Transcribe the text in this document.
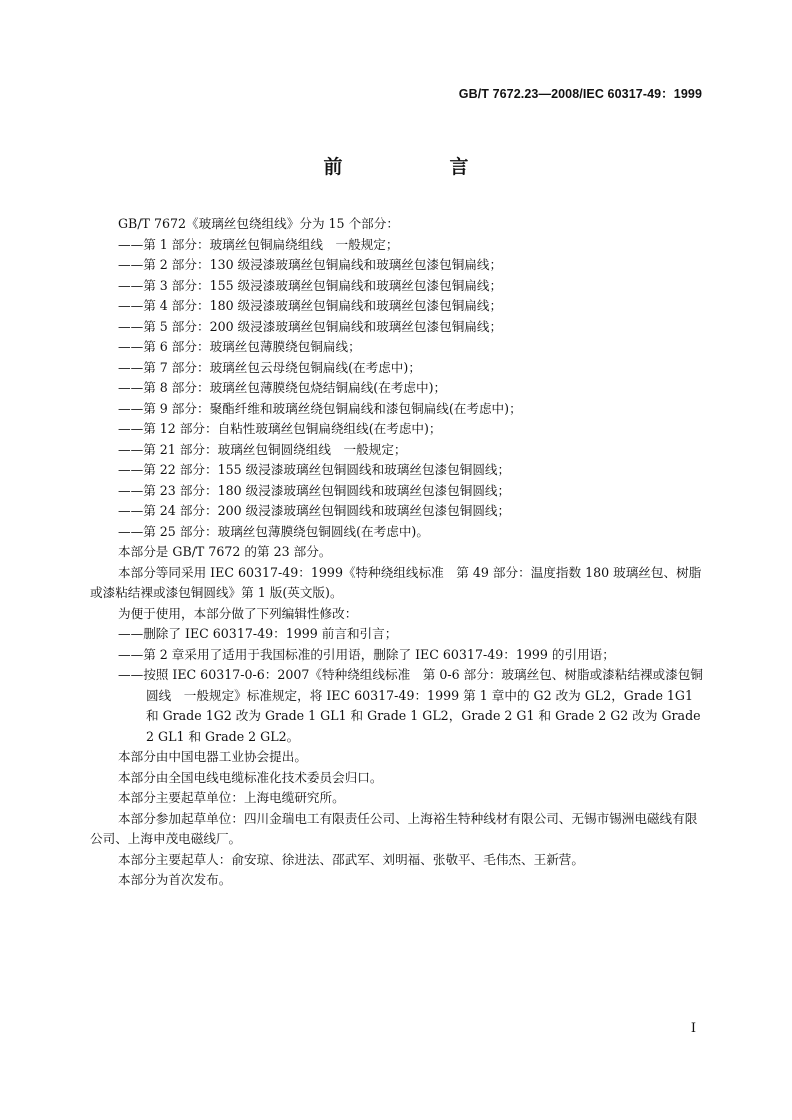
GB/T 7672.23—2008/IEC 60317-49：1999
前　言

GB/T 7672《玻璃丝包绕组线》分为 15 个部分：

——第 1 部分：玻璃丝包铜扁绕组线　一般规定；

——第 2 部分：130 级浸漆玻璃丝包铜扁线和玻璃丝包漆包铜扁线；

——第 3 部分：155 级浸漆玻璃丝包铜扁线和玻璃丝包漆包铜扁线；

——第 4 部分：180 级浸漆玻璃丝包铜扁线和玻璃丝包漆包铜扁线；

——第 5 部分：200 级浸漆玻璃丝包铜扁线和玻璃丝包漆包铜扁线；

——第 6 部分：玻璃丝包薄膜绕包铜扁线；

——第 7 部分：玻璃丝包云母绕包铜扁线(在考虑中)；

——第 8 部分：玻璃丝包薄膜绕包烧结铜扁线(在考虑中)；

——第 9 部分：聚酯纤维和玻璃丝绕包铜扁线和漆包铜扁线(在考虑中)；

——第 12 部分：自粘性玻璃丝包铜扁绕组线(在考虑中)；

——第 21 部分：玻璃丝包铜圆绕组线　一般规定；

——第 22 部分：155 级浸漆玻璃丝包铜圆线和玻璃丝包漆包铜圆线；

——第 23 部分：180 级浸漆玻璃丝包铜圆线和玻璃丝包漆包铜圆线；

——第 24 部分：200 级浸漆玻璃丝包铜圆线和玻璃丝包漆包铜圆线；

——第 25 部分：玻璃丝包薄膜绕包铜圆线(在考虑中)。

本部分是 GB/T 7672 的第 23 部分。

本部分等同采用 IEC 60317-49：1999《特种绕组线标准　第 49 部分：温度指数 180 玻璃丝包、树脂或漆粘结裸或漆包铜圆线》第 1 版(英文版)。

为便于使用，本部分做了下列编辑性修改：

——删除了 IEC 60317-49：1999 前言和引言；

——第 2 章采用了适用于我国标准的引用语，删除了 IEC 60317-49：1999 的引用语；

——按照 IEC 60317-0-6：2007《特种绕组线标准　第 0-6 部分：玻璃丝包、树脂或漆粘结裸或漆包铜圆线　一般规定》标准规定，将 IEC 60317-49：1999 第 1 章中的 G2 改为 GL2，Grade 1G1 和 Grade 1G2 改为 Grade 1 GL1 和 Grade 1 GL2，Grade 2 G1 和 Grade 2 G2 改为 Grade 2 GL1 和 Grade 2 GL2。

本部分由中国电器工业协会提出。

本部分由全国电线电缆标准化技术委员会归口。

本部分主要起草单位：上海电缆研究所。

本部分参加起草单位：四川金瑞电工有限责任公司、上海裕生特种线材有限公司、无锡市锡洲电磁线有限公司、上海申茂电磁线厂。

本部分主要起草人：俞安琼、徐进法、邵武军、刘明福、张敬平、毛伟杰、王新营。

本部分为首次发布。

I
